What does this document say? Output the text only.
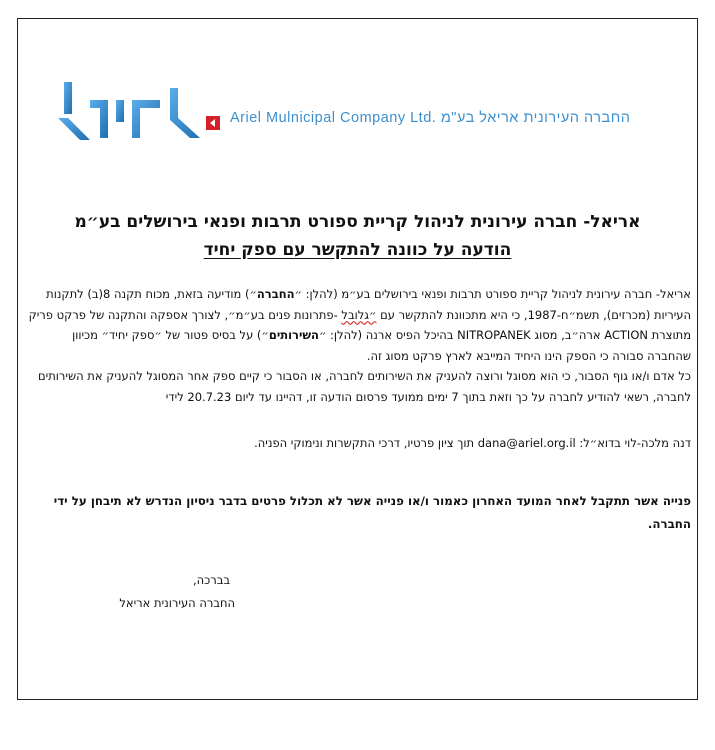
Ariel Mulnicipal Company Ltd. החברה העירונית אריאל בע"מ
אריאל- חברה עירונית לניהול קריית ספורט תרבות ופנאי בירושלים בע״מ
הודעה על כוונה להתקשר עם ספק יחיד
אריאל- חברה עירונית לניהול קריית ספורט תרבות ופנאי בירושלים בע״מ (להלן: ״החברה״) מודיעה בזאת, מכוח תקנה 8(ב) לתקנות העיריות (מכרזים), תשמ״ח-1987, כי היא מתכוונת להתקשר עם ״גלובל -פתרונות פנים בע״מ״, לצורך אספקה והתקנה של פרקט פריק מתוצרת ACTION ארה״ב, מסוג NITROPANEK בהיכל הפיס ארנה (להלן: ״השירותים״) על בסיס פטור של ״ספק יחיד״ מכיוון שהחברה סבורה כי הספק הינו היחיד המייבא לארץ פרקט מסוג זה.
כל אדם ו/או גוף הסבור, כי הוא מסוגל ורוצה להעניק את השירותים לחברה, או הסבור כי קיים ספק אחר המסוגל להעניק את השירותים לחברה, רשאי להודיע לחברה על כך וזאת בתוך 7 ימים ממועד פרסום הודעה זו, דהיינו עד ליום 20.7.23 לידי
דנה מלכה-לוי בדוא״ל: dana@ariel.org.il תוך ציון פרטיו, דרכי התקשרות ונימוקי הפניה.
פנייה אשר תתקבל לאחר המועד האחרון כאמור ו/או פנייה אשר לא תכלול פרטים בדבר ניסיון הנדרש לא תיבחן על ידי החברה.
בברכה,
החברה העירונית אריאל
